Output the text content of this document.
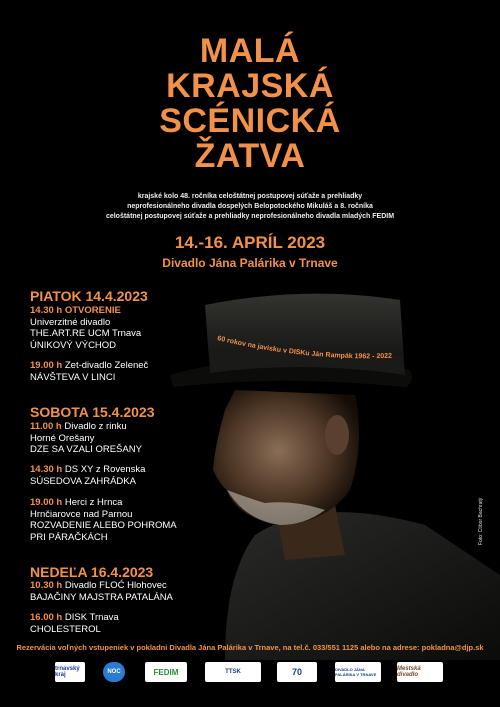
MALÁ
KRAJSKÁ
SCÉNICKÁ
ŽATVA
krajské kolo 48. ročníka celoštátnej postupovej súťaže a prehliadky
neprofesionálneho divadla dospelých Belopotockého Mikuláš a 8. ročníka
celoštátnej postupovej súťaže a prehliadky neprofesionálneho divadla mladých FEDIM
14.-16. APRÍL 2023
Divadlo Jána Palárika v Trnave
60 rokov na javisku v DISKu Ján Rampák 1962 - 2022
Foto: Ctibor Bachratý
PIATOK 14.4.2023
14.30 h OTVORENIE
Univerzitné divadlo
THE.ART.RE UCM Trnava
ÚNIKOVÝ VÝCHOD
19.00 h Zet-divadlo Zeleneč
NÁVŠTEVA V LINCI
SOBOTA 15.4.2023
11.00 h Divadlo z rinku
Horné Orešany
DZE SA VZALI OREŠANY
14.30 h DS XY z Rovenska
SÚSEDOVA ZAHRÁDKA
19.00 h Herci z Hrnca
Hrnčiarovce nad Parnou
ROZVADENIE ALEBO POHROMA
PRI PÁRAČKÁCH
NEDEĽA 16.4.2023
10.30 h Divadlo FLOĆ Hlohovec
BAJAČINY MAJSTRA PATALÁNA
16.00 h DISK Trnava
CHOLESTEROL
Rezervácia voľných vstupeniek v pokladni Divadla Jána Palárika v Trnave, na tel.č. 033/551 1125 alebo na adrese: pokladna@djp.sk
trnavský kraj	NOC	FEDIM	TTSK	70	DIVADLO JÁNA PALÁRIKA V TRNAVE
Mestská divadlo
